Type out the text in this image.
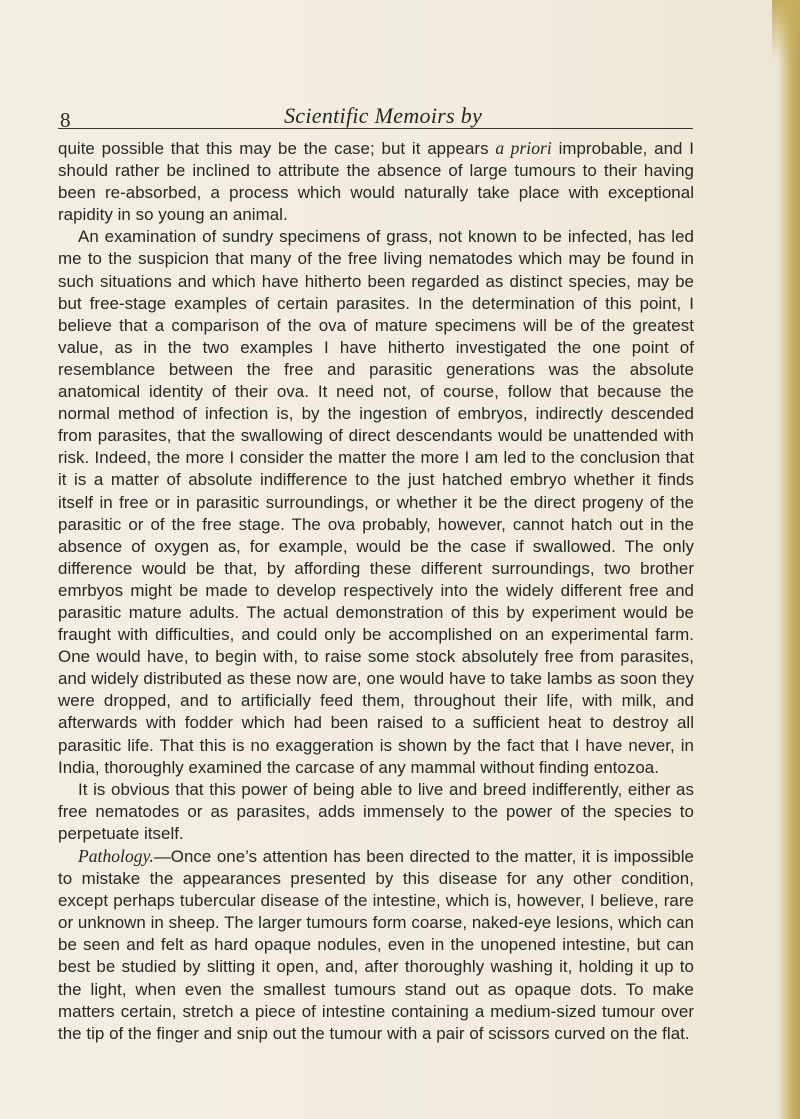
8	Scientific Memoirs by

quite possible that this may be the case; but it appears a priori improbable, and I should rather be inclined to attribute the absence of large tumours to their having been re-absorbed, a process which would naturally take place with exceptional rapidity in so young an animal.

An examination of sundry specimens of grass, not known to be infected, has led me to the suspicion that many of the free living nematodes which may be found in such situations and which have hitherto been regarded as distinct species, may be but free-stage examples of certain parasites. In the determination of this point, I believe that a comparison of the ova of mature specimens will be of the greatest value, as in the two examples I have hitherto investigated the one point of resemblance between the free and parasitic generations was the absolute anatomical identity of their ova. It need not, of course, follow that because the normal method of infection is, by the ingestion of embryos, indirectly descended from parasites, that the swallowing of direct descendants would be unattended with risk. Indeed, the more I consider the matter the more I am led to the conclusion that it is a matter of absolute indifference to the just hatched embryo whether it finds itself in free or in parasitic surroundings, or whether it be the direct progeny of the parasitic or of the free stage. The ova probably, however, cannot hatch out in the absence of oxygen as, for example, would be the case if swallowed. The only difference would be that, by affording these different surroundings, two brother emrbyos might be made to develop respectively into the widely different free and parasitic mature adults. The actual demonstration of this by experiment would be fraught with difficulties, and could only be accomplished on an experimental farm. One would have, to begin with, to raise some stock absolutely free from parasites, and widely distributed as these now are, one would have to take lambs as soon they were dropped, and to artificially feed them, throughout their life, with milk, and afterwards with fodder which had been raised to a sufficient heat to destroy all parasitic life. That this is no exaggeration is shown by the fact that I have never, in India, thoroughly examined the carcase of any mammal without finding entozoa.

It is obvious that this power of being able to live and breed indifferently, either as free nematodes or as parasites, adds immensely to the power of the species to perpetuate itself.

Pathology.—Once one’s attention has been directed to the matter, it is impossible to mistake the appearances presented by this disease for any other condition, except perhaps tubercular disease of the intestine, which is, however, I believe, rare or unknown in sheep. The larger tumours form coarse, naked-eye lesions, which can be seen and felt as hard opaque nodules, even in the unopened intestine, but can best be studied by slitting it open, and, after thoroughly washing it, holding it up to the light, when even the smallest tumours stand out as opaque dots. To make matters certain, stretch a piece of intestine containing a medium-sized tumour over the tip of the finger and snip out the tumour with a pair of scissors curved on the flat.
